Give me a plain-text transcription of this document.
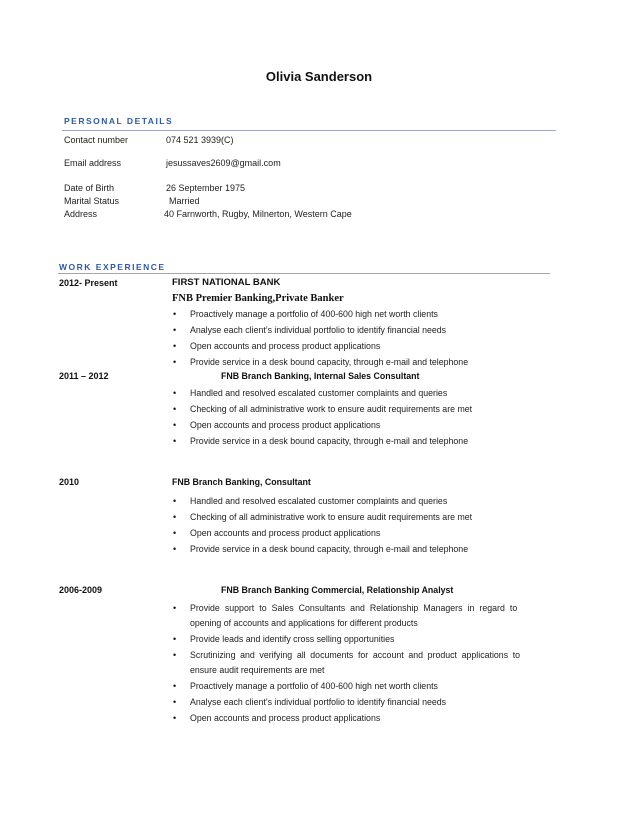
Olivia Sanderson
PERSONAL DETAILS
Contact number	074 521 3939(C)
Email address	jesussaves2609@gmail.com
Date of Birth	26 September 1975
Marital Status	Married
Address	40 Farnworth, Rugby, Milnerton, Western Cape
WORK EXPERIENCE
2012- Present	FIRST NATIONAL BANK
FNB Premier Banking,Private Banker
• Proactively manage a portfolio of 400-600 high net worth clients
• Analyse each client’s individual portfolio to identify financial needs
• Open accounts and process product applications
• Provide service in a desk bound capacity, through e-mail and telephone
2011 – 2012	FNB Branch Banking, Internal Sales Consultant
• Handled and resolved escalated customer complaints and queries
• Checking of all administrative work to ensure audit requirements are met
• Open accounts and process product applications
• Provide service in a desk bound capacity, through e-mail and telephone
2010	FNB Branch Banking, Consultant
• Handled and resolved escalated customer complaints and queries
• Checking of all administrative work to ensure audit requirements are met
• Open accounts and process product applications
• Provide service in a desk bound capacity, through e-mail and telephone
2006-2009	FNB Branch Banking Commercial, Relationship Analyst
• Provide support to Sales Consultants and Relationship Managers in regard to
opening of accounts and applications for different products
• Provide leads and identify cross selling opportunities
• Scrutinizing and verifying all documents for account and product applications to
ensure audit requirements are met
• Proactively manage a portfolio of 400-600 high net worth clients
• Analyse each client’s individual portfolio to identify financial needs
• Open accounts and process product applications
